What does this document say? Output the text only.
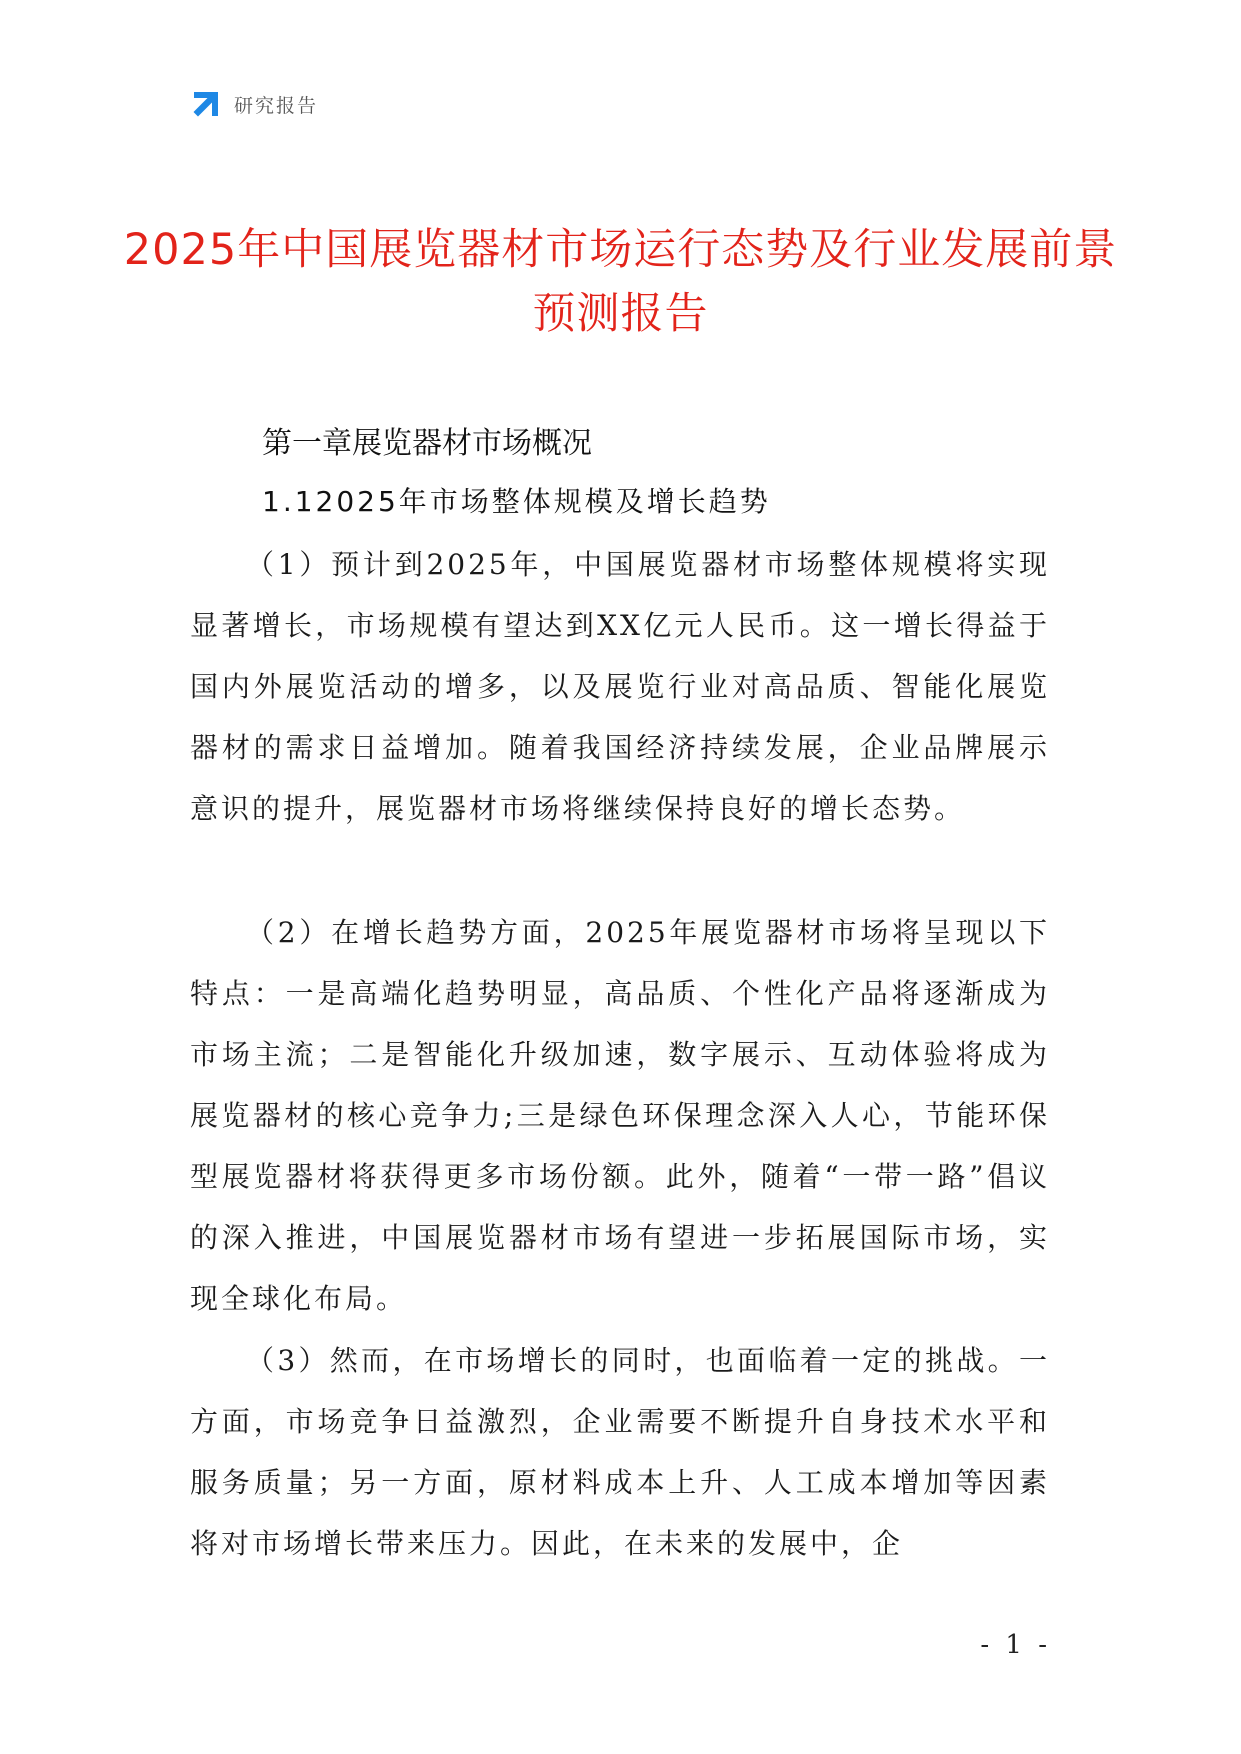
研究报告
2025年中国展览器材市场运行态势及行业发展前景预测报告
第一章展览器材市场概况
1.12025年市场整体规模及增长趋势

（1）预计到2025年，中国展览器材市场整体规模将实现显著增长，市场规模有望达到XX亿元人民币。这一增长得益于国内外展览活动的增多，以及展览行业对高品质、智能化展览器材的需求日益增加。随着我国经济持续发展，企业品牌展示意识的提升，展览器材市场将继续保持良好的增长态势。

（2）在增长趋势方面，2025年展览器材市场将呈现以下特点：一是高端化趋势明显，高品质、个性化产品将逐渐成为市场主流；二是智能化升级加速，数字展示、互动体验将成为展览器材的核心竞争力;三是绿色环保理念深入人心，节能环保型展览器材将获得更多市场份额。此外，随着“一带一路”倡议的深入推进，中国展览器材市场有望进一步拓展国际市场，实现全球化布局。

（3）然而，在市场增长的同时，也面临着一定的挑战。一方面，市场竞争日益激烈，企业需要不断提升自身技术水平和服务质量；另一方面，原材料成本上升、人工成本增加等因素将对市场增长带来压力。因此，在未来的发展中，企

- 1 -
